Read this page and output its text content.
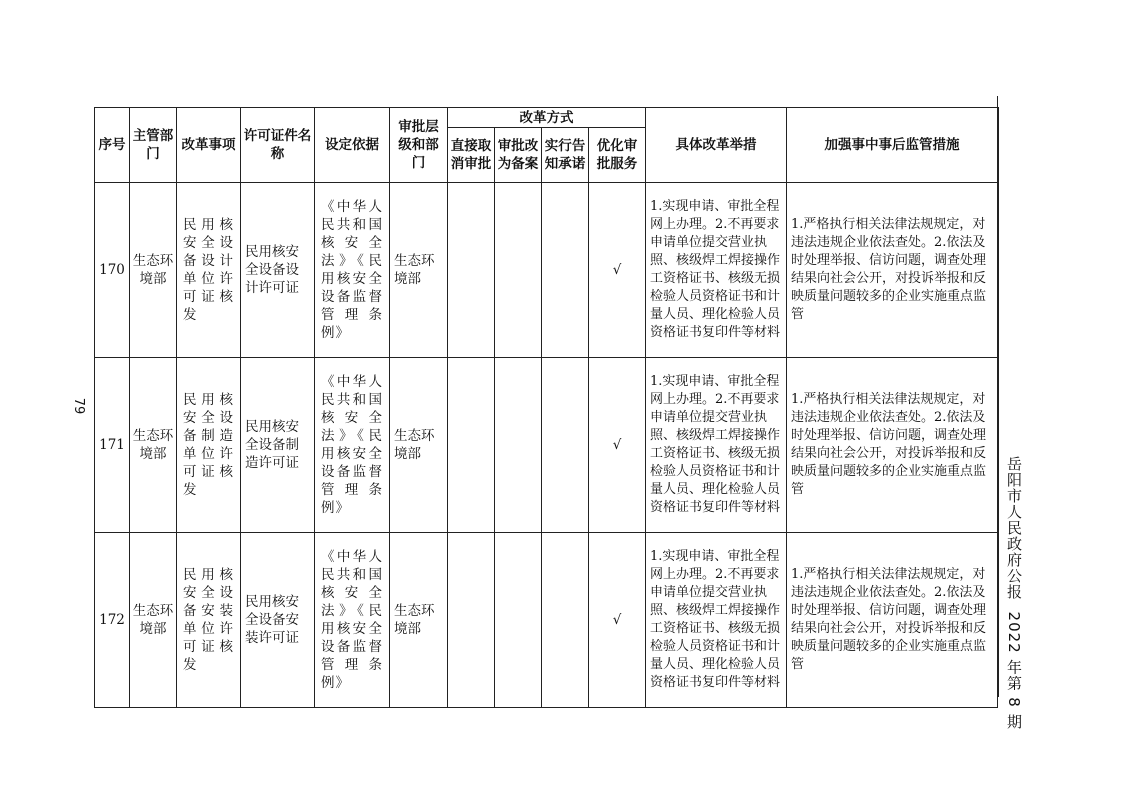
79
岳阳市人民政府公报  2022 年第 8 期
序号	主管部门	改革事项	许可证件名称	设定依据	审批层级和部门	改革方式				具体改革举措	加强事中事后监管措施
						直接取消审批	审批改为备案	实行告知承诺	优化审批服务		
170	生态环境部	民用核安全设备设计单位许可证核发	民用核安全设备设计许可证	《中华人民共和国核安全法》《民用核安全设备监督管理条例》	生态环境部				√	1.实现申请、审批全程网上办理。2.不再要求申请单位提交营业执照、核级焊工焊接操作工资格证书、核级无损检验人员资格证书和计量人员、理化检验人员资格证书复印件等材料	1.严格执行相关法律法规规定，对违法违规企业依法查处。2.依法及时处理举报、信访问题，调查处理结果向社会公开，对投诉举报和反映质量问题较多的企业实施重点监管
171	生态环境部	民用核安全设备制造单位许可证核发	民用核安全设备制造许可证	《中华人民共和国核安全法》《民用核安全设备监督管理条例》	生态环境部				√	1.实现申请、审批全程网上办理。2.不再要求申请单位提交营业执照、核级焊工焊接操作工资格证书、核级无损检验人员资格证书和计量人员、理化检验人员资格证书复印件等材料	1.严格执行相关法律法规规定，对违法违规企业依法查处。2.依法及时处理举报、信访问题，调查处理结果向社会公开，对投诉举报和反映质量问题较多的企业实施重点监管
172	生态环境部	民用核安全设备安装单位许可证核发	民用核安全设备安装许可证	《中华人民共和国核安全法》《民用核安全设备监督管理条例》	生态环境部				√	1.实现申请、审批全程网上办理。2.不再要求申请单位提交营业执照、核级焊工焊接操作工资格证书、核级无损检验人员资格证书和计量人员、理化检验人员资格证书复印件等材料	1.严格执行相关法律法规规定，对违法违规企业依法查处。2.依法及时处理举报、信访问题，调查处理结果向社会公开，对投诉举报和反映质量问题较多的企业实施重点监管
